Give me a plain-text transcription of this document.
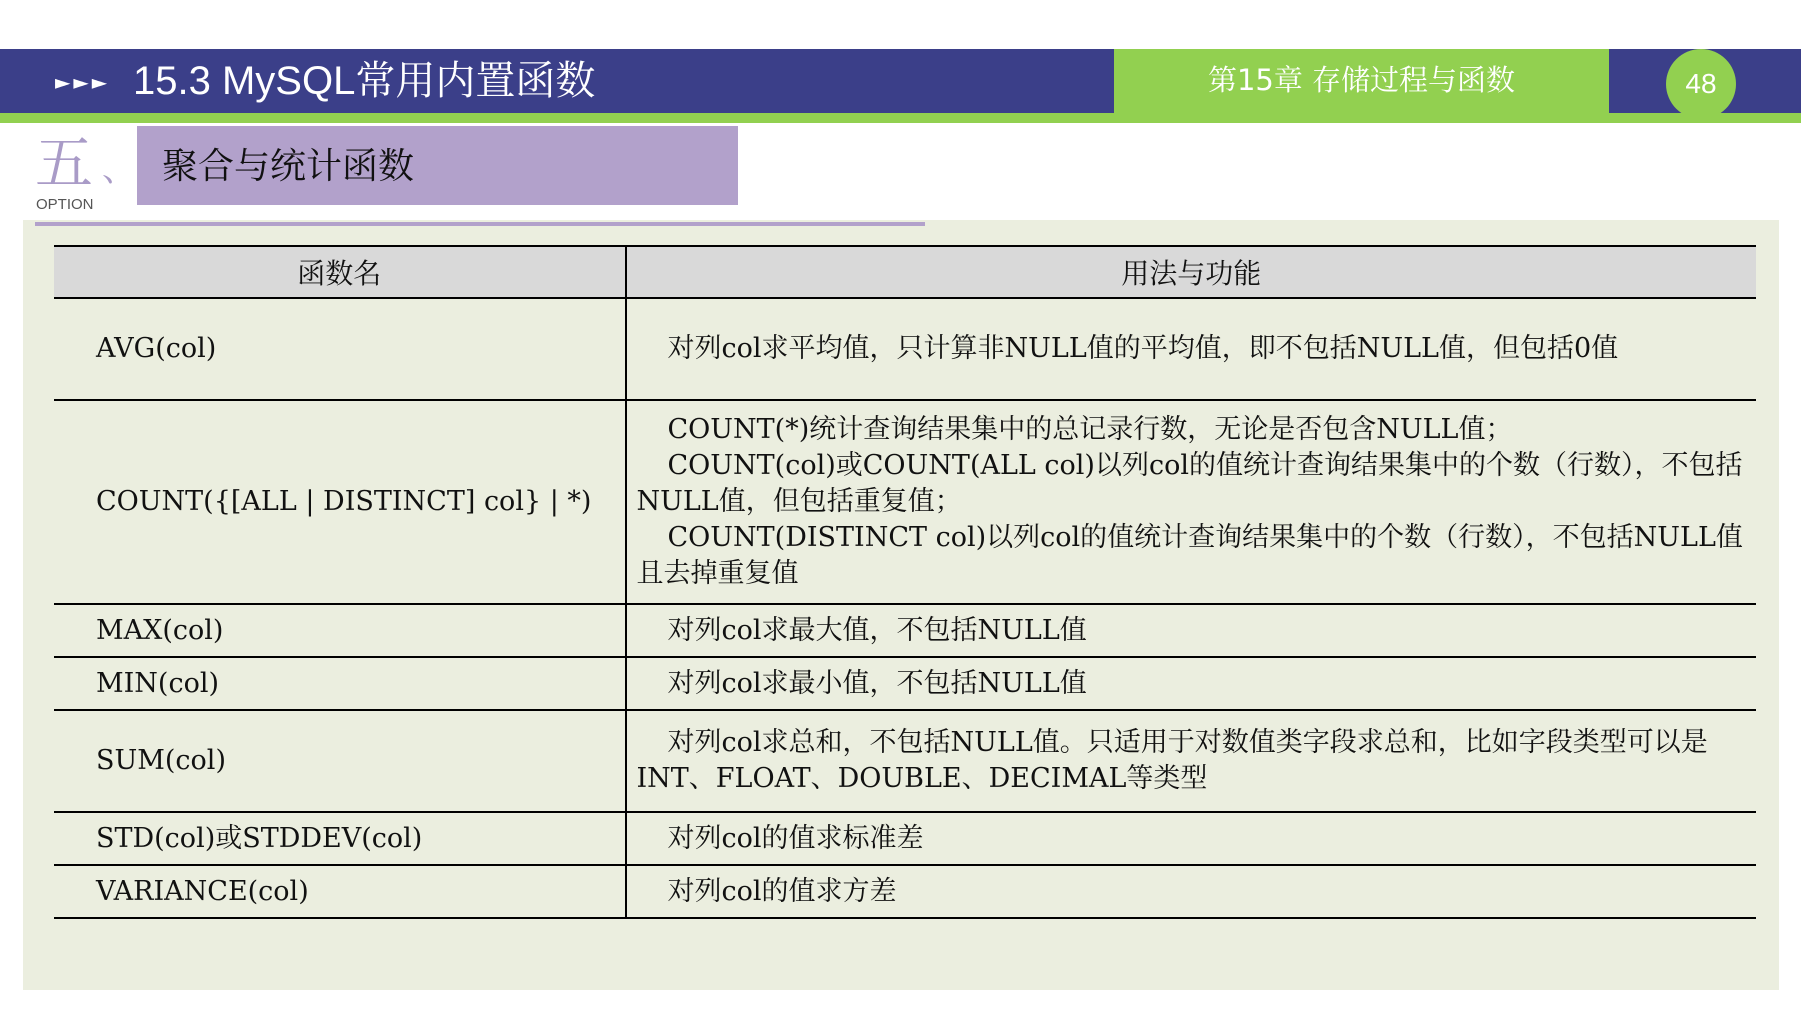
►►► 15.3 MySQL常用内置函数	第15章 存储过程与函数	48
五 、
OPTION
聚合与统计函数
函数名	用法与功能
AVG(col)	对列col求平均值，只计算非NULL值的平均值，即不包括NULL值，但包括0值

COUNT({[ALL | DISTINCT] col} | *)	COUNT(*)统计查询结果集中的总记录行数，无论是否包含NULL值；
COUNT(col)或COUNT(ALL col)以列col的值统计查询结果集中的个数（行数），不包括NULL值，但包括重复值；
COUNT(DISTINCT col)以列col的值统计查询结果集中的个数（行数），不包括NULL值且去掉重复值

MAX(col)	对列col求最大值，不包括NULL值

MIN(col)	对列col求最小值，不包括NULL值

SUM(col)	对列col求总和，不包括NULL值。只适用于对数值类字段求总和，比如字段类型可以是INT、FLOAT、DOUBLE、DECIMAL等类型

STD(col)或STDDEV(col)	对列col的值求标准差

VARIANCE(col)	对列col的值求方差
